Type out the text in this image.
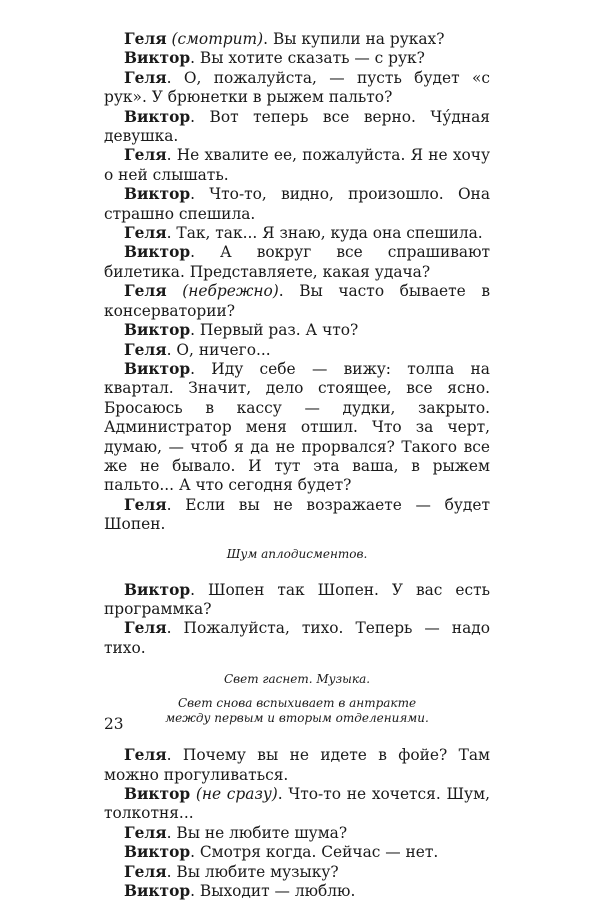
Геля (смотрит). Вы купили на руках?

Виктор. Вы хотите сказать — с рук?

Геля. О, пожалуйста, — пусть будет «с рук». У брюнетки в рыжем пальто?

Виктор. Вот теперь все верно. Чу́дная девушка.

Геля. Не хвалите ее, пожалуйста. Я не хочу о ней слышать.

Виктор. Что-то, видно, произошло. Она страшно спешила.

Геля. Так, так... Я знаю, куда она спешила.

Виктор. А вокруг все спрашивают билетика. Представляете, какая удача?

Геля (небрежно). Вы часто бываете в консерватории?

Виктор. Первый раз. А что?

Геля. О, ничего...

Виктор. Иду себе — вижу: толпа на квартал. Значит, дело стоящее, все ясно. Бросаюсь в кассу — дудки, закрыто. Администратор меня отшил. Что за черт, думаю, — чтоб я да не прорвался? Такого все же не бывало. И тут эта ваша, в рыжем пальто... А что сегодня будет?

Геля. Если вы не возражаете — будет Шопен.

Шум аплодисментов.

Виктор. Шопен так Шопен. У вас есть программка?

Геля. Пожалуйста, тихо. Теперь — надо тихо.

Свет гаснет. Музыка.

Свет снова вспыхивает в антракте
между первым и вторым отделениями.

Геля. Почему вы не идете в фойе? Там можно прогуливаться.

Виктор (не сразу). Что-то не хочется. Шум, толкотня...

Геля. Вы не любите шума?

Виктор. Смотря когда. Сейчас — нет.

Геля. Вы любите музыку?

Виктор. Выходит — люблю.

23
